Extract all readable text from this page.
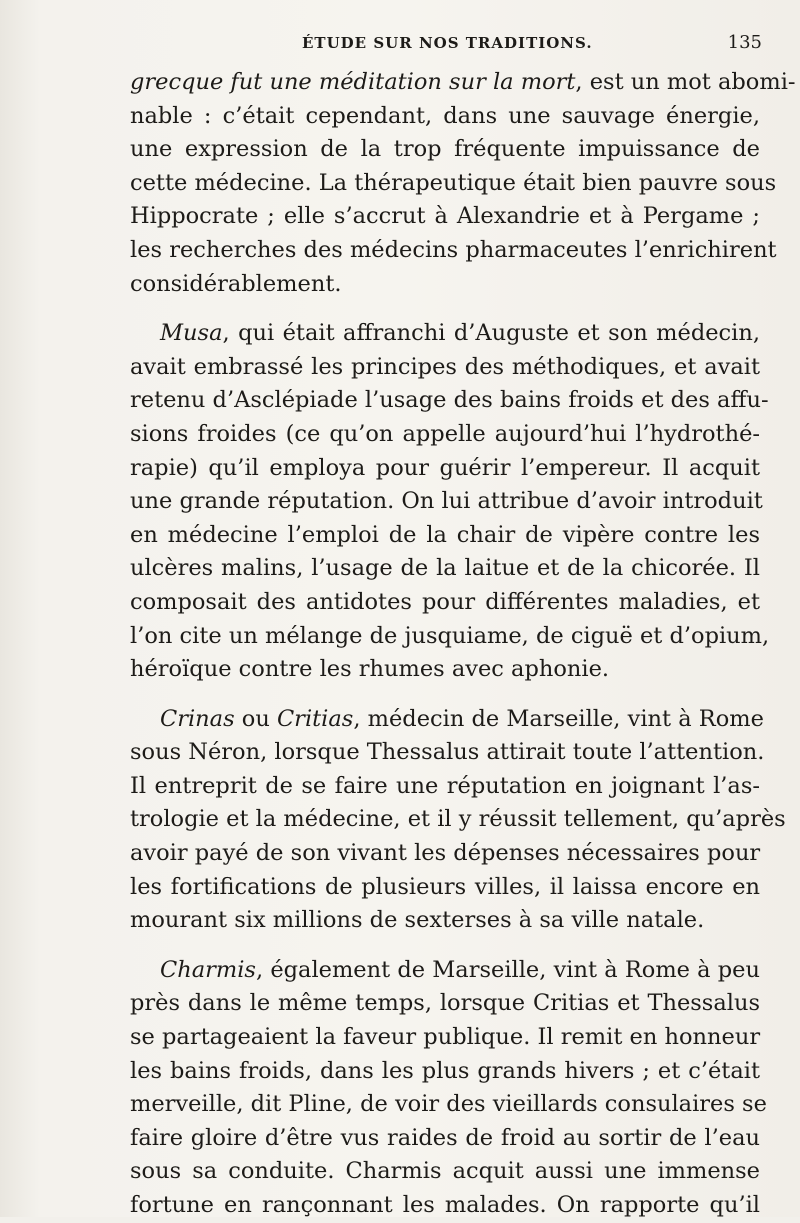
ÉTUDE SUR NOS TRADITIONS.	135
grecque fut une méditation sur la mort, est un mot abomi-
nable : c’était cependant, dans une sauvage énergie,
une expression de la trop fréquente impuissance de
cette médecine. La thérapeutique était bien pauvre sous
Hippocrate ; elle s’accrut à Alexandrie et à Pergame ;
les recherches des médecins pharmaceutes l’enrichirent
considérablement.
Musa, qui était affranchi d’Auguste et son médecin,
avait embrassé les principes des méthodiques, et avait
retenu d’Asclépiade l’usage des bains froids et des affu-
sions froides (ce qu’on appelle aujourd’hui l’hydrothé-
rapie) qu’il employa pour guérir l’empereur. Il acquit
une grande réputation. On lui attribue d’avoir introduit
en médecine l’emploi de la chair de vipère contre les
ulcères malins, l’usage de la laitue et de la chicorée. Il
composait des antidotes pour différentes maladies, et
l’on cite un mélange de jusquiame, de ciguë et d’opium,
héroïque contre les rhumes avec aphonie.
Crinas ou Critias, médecin de Marseille, vint à Rome
sous Néron, lorsque Thessalus attirait toute l’attention.
Il entreprit de se faire une réputation en joignant l’as-
trologie et la médecine, et il y réussit tellement, qu’après
avoir payé de son vivant les dépenses nécessaires pour
les fortifications de plusieurs villes, il laissa encore en
mourant six millions de sexterses à sa ville natale.
Charmis, également de Marseille, vint à Rome à peu
près dans le même temps, lorsque Critias et Thessalus
se partageaient la faveur publique. Il remit en honneur
les bains froids, dans les plus grands hivers ; et c’était
merveille, dit Pline, de voir des vieillards consulaires se
faire gloire d’être vus raides de froid au sortir de l’eau
sous sa conduite. Charmis acquit aussi une immense
fortune en rançonnant les malades. On rapporte qu’il
